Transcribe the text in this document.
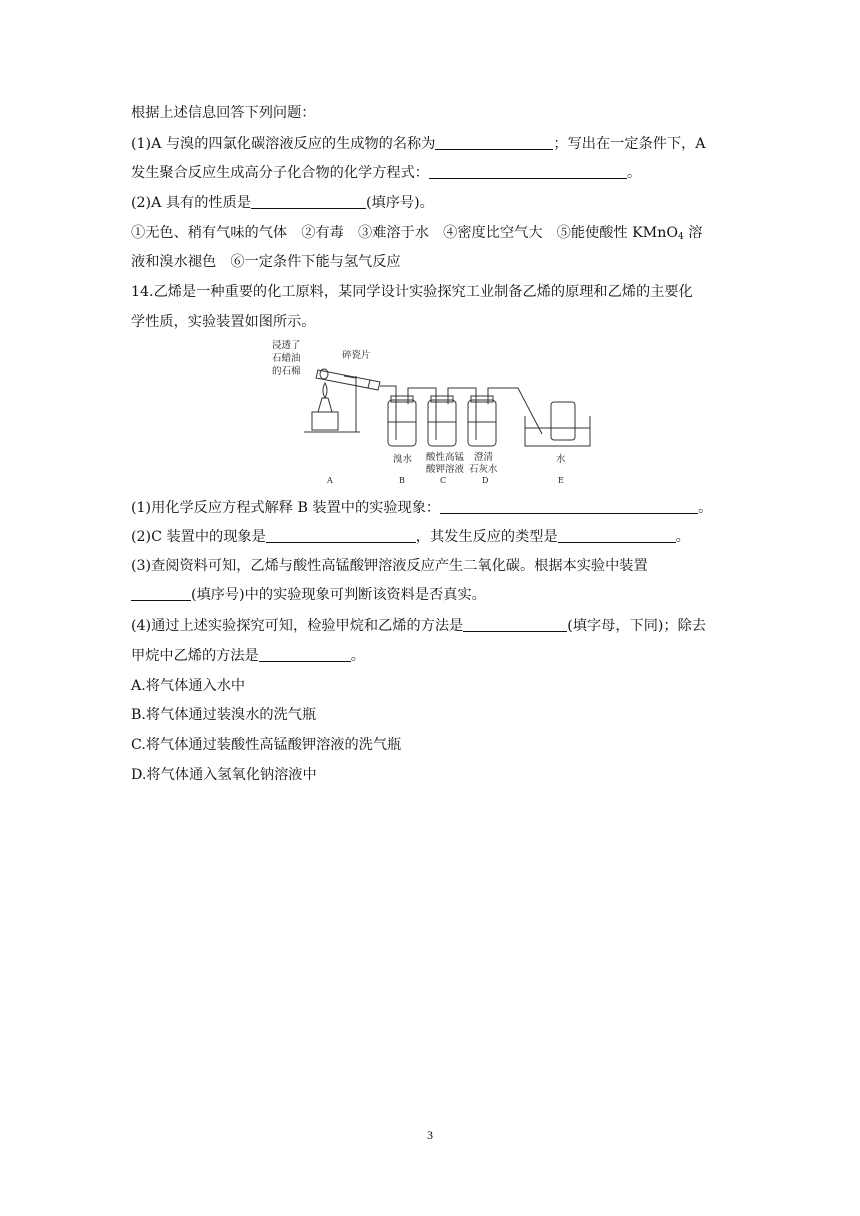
根据上述信息回答下列问题：
(1)A 与溴的四氯化碳溶液反应的生成物的名称为	；写出在一定条件下，A
发生聚合反应生成高分子化合物的化学方程式：	。
(2)A 具有的性质是	(填序号)。
①无色、稍有气味的气体　②有毒　③难溶于水　④密度比空气大　⑤能使酸性 KMnO$_4$ 溶
液和溴水褪色　⑥一定条件下能与氢气反应
14.乙烯是一种重要的化工原料，某同学设计实验探究工业制备乙烯的原理和乙烯的主要化
学性质，实验装置如图所示。
浸透了
石蜡油
的石棉
碎瓷片
溴水 酸性高锰
酸钾溶液
澄清
石灰水
水
A	B	C	D	E
(1)用化学反应方程式解释 B 装置中的实验现象：	。
(2)C 装置中的现象是	，其发生反应的类型是	。
(3)查阅资料可知，乙烯与酸性高锰酸钾溶液反应产生二氧化碳。根据本实验中装置
(填序号)中的实验现象可判断该资料是否真实。
(4)通过上述实验探究可知，检验甲烷和乙烯的方法是	(填字母，下同)；除去
甲烷中乙烯的方法是	。
A.将气体通入水中
B.将气体通过装溴水的洗气瓶
C.将气体通过装酸性高锰酸钾溶液的洗气瓶
D.将气体通入氢氧化钠溶液中
3
